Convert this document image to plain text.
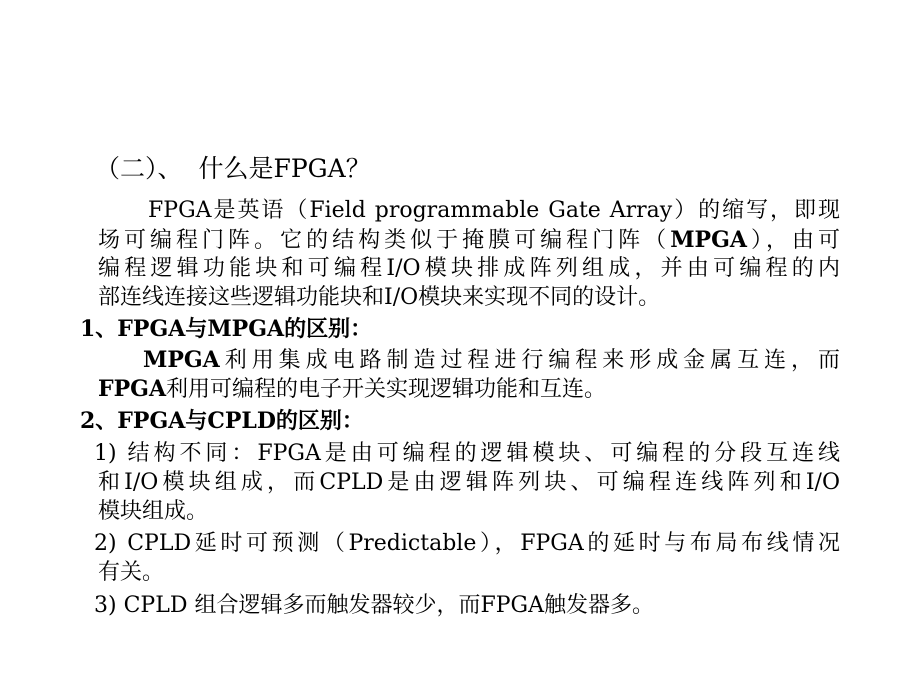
（二）、 什么是FPGA？
FPGA是英语（Field programmable Gate Array）的缩写，即现
场可编程门阵。它的结构类似于掩膜可编程门阵（MPGA），由可
编程逻辑功能块和可编程I/O模块排成阵列组成，并由可编程的内
部连线连接这些逻辑功能块和I/O模块来实现不同的设计。
1、FPGA与MPGA的区别：
MPGA利用集成电路制造过程进行编程来形成金属互连，而
FPGA利用可编程的电子开关实现逻辑功能和互连。
2、FPGA与CPLD的区别：
1) 结构不同：FPGA是由可编程的逻辑模块、可编程的分段互连线
和I/O模块组成，而CPLD是由逻辑阵列块、可编程连线阵列和I/O
模块组成。
2) CPLD延时可预测（Predictable），FPGA的延时与布局布线情况
有关。
3) CPLD 组合逻辑多而触发器较少，而FPGA触发器多。
